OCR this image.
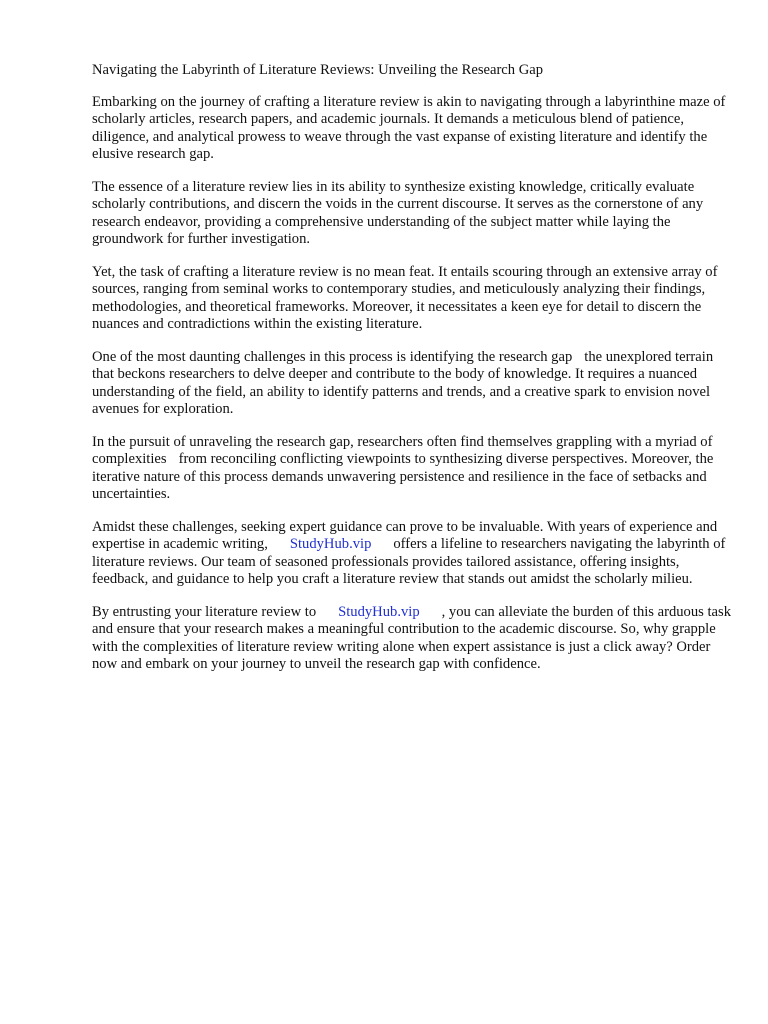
Navigating the Labyrinth of Literature Reviews: Unveiling the Research Gap

Embarking on the journey of crafting a literature review is akin to navigating through a labyrinthine maze of scholarly articles, research papers, and academic journals. It demands a meticulous blend of patience, diligence, and analytical prowess to weave through the vast expanse of existing literature and identify the elusive research gap.

The essence of a literature review lies in its ability to synthesize existing knowledge, critically evaluate scholarly contributions, and discern the voids in the current discourse. It serves as the cornerstone of any research endeavor, providing a comprehensive understanding of the subject matter while laying the groundwork for further investigation.

Yet, the task of crafting a literature review is no mean feat. It entails scouring through an extensive array of sources, ranging from seminal works to contemporary studies, and meticulously analyzing their findings, methodologies, and theoretical frameworks. Moreover, it necessitates a keen eye for detail to discern the nuances and contradictions within the existing literature.

One of the most daunting challenges in this process is identifying the research gap the unexplored terrain that beckons researchers to delve deeper and contribute to the body of knowledge. It requires a nuanced understanding of the field, an ability to identify patterns and trends, and a creative spark to envision novel avenues for exploration.

In the pursuit of unraveling the research gap, researchers often find themselves grappling with a myriad of complexities from reconciling conflicting viewpoints to synthesizing diverse perspectives. Moreover, the iterative nature of this process demands unwavering persistence and resilience in the face of setbacks and uncertainties.

Amidst these challenges, seeking expert guidance can prove to be invaluable. With years of experience and expertise in academic writing, StudyHub.vip offers a lifeline to researchers navigating the labyrinth of literature reviews. Our team of seasoned professionals provides tailored assistance, offering insights, feedback, and guidance to help you craft a literature review that stands out amidst the scholarly milieu.

By entrusting your literature review to StudyHub.vip , you can alleviate the burden of this arduous task and ensure that your research makes a meaningful contribution to the academic discourse. So, why grapple with the complexities of literature review writing alone when expert assistance is just a click away? Order now and embark on your journey to unveil the research gap with confidence.
